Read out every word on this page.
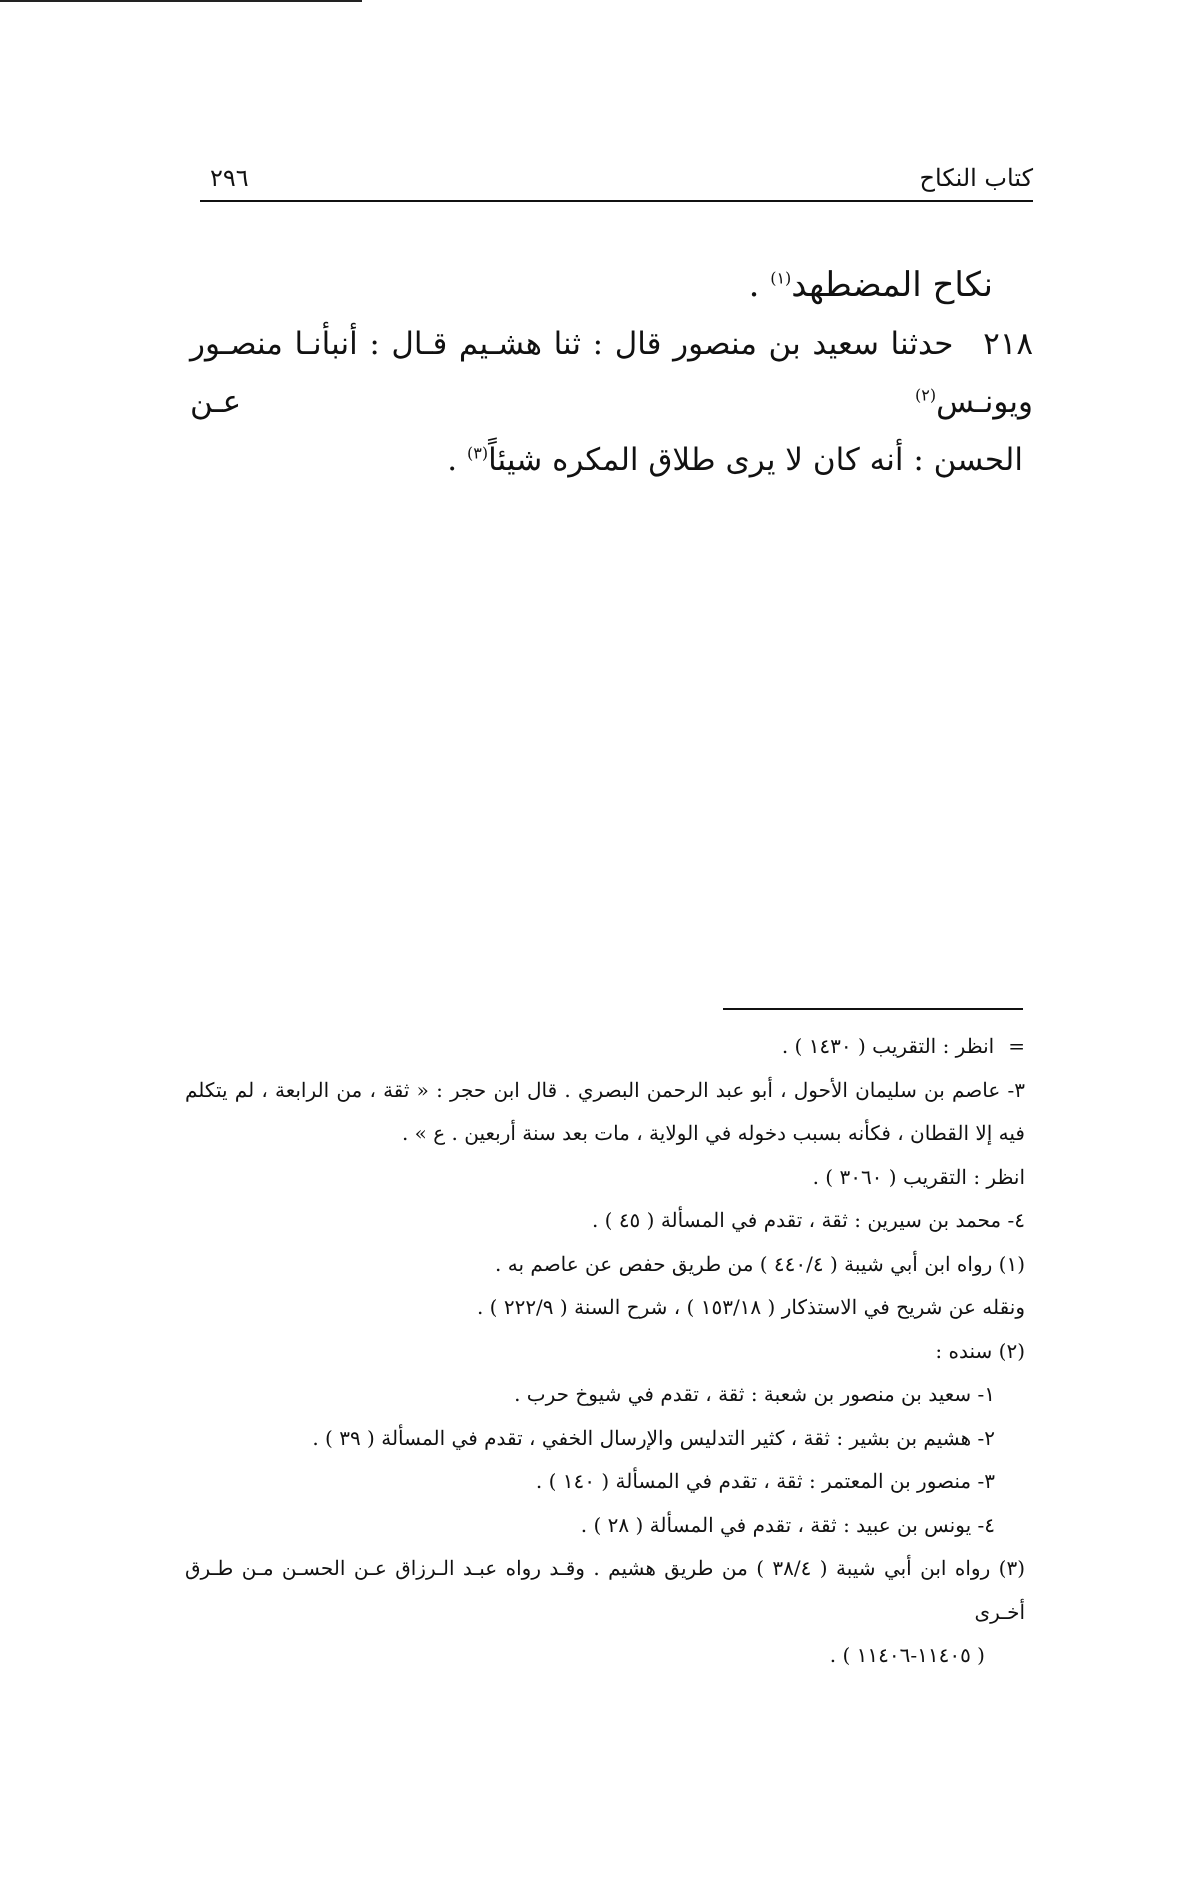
كتاب النكاح
٢٩٦
نكاح المضطهد$^{(١)}$ .
٢١٨ حدثنا سعيد بن منصور قال : ثنا هشـيم قـال : أنبأنـا منصـور ويونـس$^{(٢)}$ عـن
الحسن : أنه كان لا يرى طلاق المكره شيئاً$^{(٣)}$ .
=انظر : التقريب ( ١٤٣٠ ) .
٣- عاصم بن سليمان الأحول ، أبو عبد الرحمن البصري . قال ابن حجر : « ثقة ، من الرابعة ، لم يتكلم
فيه إلا القطان ، فكأنه بسبب دخوله في الولاية ، مات بعد سنة أربعين . ع » .
انظر : التقريب ( ٣٠٦٠ ) .
٤- محمد بن سيرين : ثقة ، تقدم في المسألة ( ٤٥ ) .
(١) رواه ابن أبي شيبة ( ٤٤٠/٤ ) من طريق حفص عن عاصم به .
ونقله عن شريح في الاستذكار ( ١٥٣/١٨ ) ، شرح السنة ( ٢٢٢/٩ ) .
(٢) سنده :
١- سعيد بن منصور بن شعبة : ثقة ، تقدم في شيوخ حرب .
٢- هشيم بن بشير : ثقة ، كثير التدليس والإرسال الخفي ، تقدم في المسألة ( ٣٩ ) .
٣- منصور بن المعتمر : ثقة ، تقدم في المسألة ( ١٤٠ ) .
٤- يونس بن عبيد : ثقة ، تقدم في المسألة ( ٢٨ ) .
(٣) رواه ابن أبي شيبة ( ٣٨/٤ ) من طريق هشيم . وقـد رواه عبـد الـرزاق عـن الحسـن مـن طـرق أخـرى
( ١١٤٠٥-١١٤٠٦ ) .
